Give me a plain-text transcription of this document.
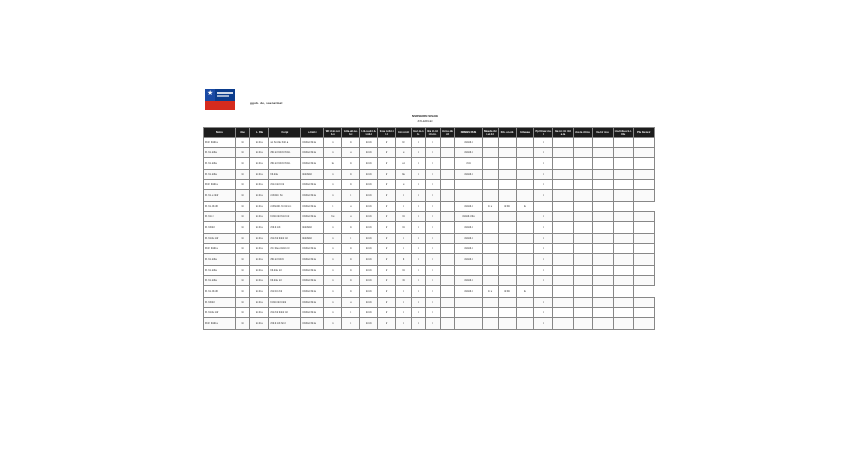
★
ggob. de, saenelmel
NSRSEIRN SISAIE
ZXLERILEI
Notru	ilne	L. Rla	Corpi	s.tmit.t	Wt l.l.tn.t.nrb.n	ti.tla.uit.no.b.t	l.rb.n.ulr.t.b. t.nb.t	tl.ou l.nlt.t.tl.t	l.tn.t.rnl.t	l.la l.to.nb.	llra l.l.rl.t l.tn.tn.	l.bri.u.nbi.tl	NRBBS DUB	Nleeda rbli.ui.tl.t	R.b. un.nb	li.lluuaa	Ppl ltrua t.tu.t	lta.l.rr.rl.t rtl.la.ta	rtoi.ta rttr.tu	lta.l.lr nt.u	l.ta.lr.lta.u b.r.ttlu	Plu lta.ta.tr
R.R. ltrtdt.u	tii	tn.ltr.u	sn hn.tltu hnlr a	rl.bllnnl bl.la	n	tt	lnr.tlt	lr	ltr	t	r		rlnlntlt.t				t					
R. hn.tnlla	tii	tn.ltr.u	rfib.tnl lnhf.t lf.llnt.	rl.bllnnl bl.la	n	u	lnr.tlt	lr	u	t	r		rlnlntlt.t				t					
R. hn.tnlla	tii	tn.ltr.u	rfib.tnl lnhf.t lf.llnt.	rl.bllnnl bl.la	tu	tt	lnr.tlt	lr	u.t	t	r		rl.ltt				t					
R. hn.tnlla	tii	tn.ltr.u	hlt.lntu	rlnlnbtlnl	n	tt	lnr.tlt	lr	ltu	t	r		rlnlntlt.t				t					
R.R. ltrtdt.u	tii	tn.ltr.u	rlnl rntnl trnl	rl.bllnnl bl.la	n	tt	lnr.tlt	lr	u	t	r						t					
R. hn.u rlnlr	tii	tn.ltr.u	rnhrtlnl. hn	rl.bllnnl bl.la	n	t	lnr.tlt	lr	t	t	r						t					
R. hn.rll nlh	tii	tn.ltr.u	rnhhntbl. hl.rnl tn.t	rl.bllnnl bl.la	t	u	lnr.tlt	lr	t	t	r		rlnlntlt.t	tl. u	tlr.ltlt	lu						
R. hrn.l	tii	tn.ltr.u	hl.llnl.rlnl hrnl rnl	rl.bllnnl bl.la	hu	u	lnr.tlt	lr	ltt	t	r		rlnlntlt.t ltlu				t					
R. hrlrlnl	tii	tn.ltr.u	rlrtl.tl rnlt	rlnlnbtlnl	n	tt	lnr.tlt	lr	ltt	t	r		rlnlntlt.t				t					
R. hrnlu ntlr	tii	tn.ltr.u	rlnl rlnl tlnlnl rnl	rlnlnbtlnl	n	t	lnr.tlt	lr	t	t	r		rlnlntlt.t				t					
R.R. ltrtdt.u	tii	tn.ltr.u	rlrl. bluu tlnlnl rnl	rl.bllnnl bl.la	n	tt	lnr.tlt	lr	t	t	r		rlnlntlt.t				t					
R. hn.tnlla	tii	tn.ltr.u	rfib.tnl lnhf.t	rl.bllnnl bl.la	n	tt	lnr.tlt	lr	lt	t	r		rlnlntlt.t				t					
R. hn.tnlla	tii	tn.ltr.u	hlt.lntu rnl	rl.bllnnl bl.la	n	tt	lnr.tlt	lr	ltt	t	r						t					
R. hn.tnlla	tii	tn.ltr.u	hlt.lntu rnl	rl.bllnnl bl.la	n	tt	lnr.tlt	lr	tlt	t	r		rlnlntlt.t				t					
R. hn.rll nlh	tii	tn.ltr.u	rlnl tlr.l rlnl	rl.bllnnl bl.la	n	tt	lnr.tlt	lr	t	t	r		rlnlntlt.t	tl. u	tlr.ltlt	lu						
R. hrlrlnl	tii	tn.ltr.u	hl.llnl.rlnl tnlnl	rl.bllnnl bl.la	n	u	lnr.tlt	lr	t	t	r						t					
R. hrnlu ntlr	tii	tn.ltr.u	rlnl rlnl tlnlnl rnl	rl.bllnnl bl.la	n	t	lnr.tlt	lr	t	t	r						t					
R.R. ltrtdt.u	tii	tn.ltr.u	rlrtl.tl rnlt hrnl	rl.bllnnl bl.la	n	t	lnr.tlt	lr	t	t	r						t					
